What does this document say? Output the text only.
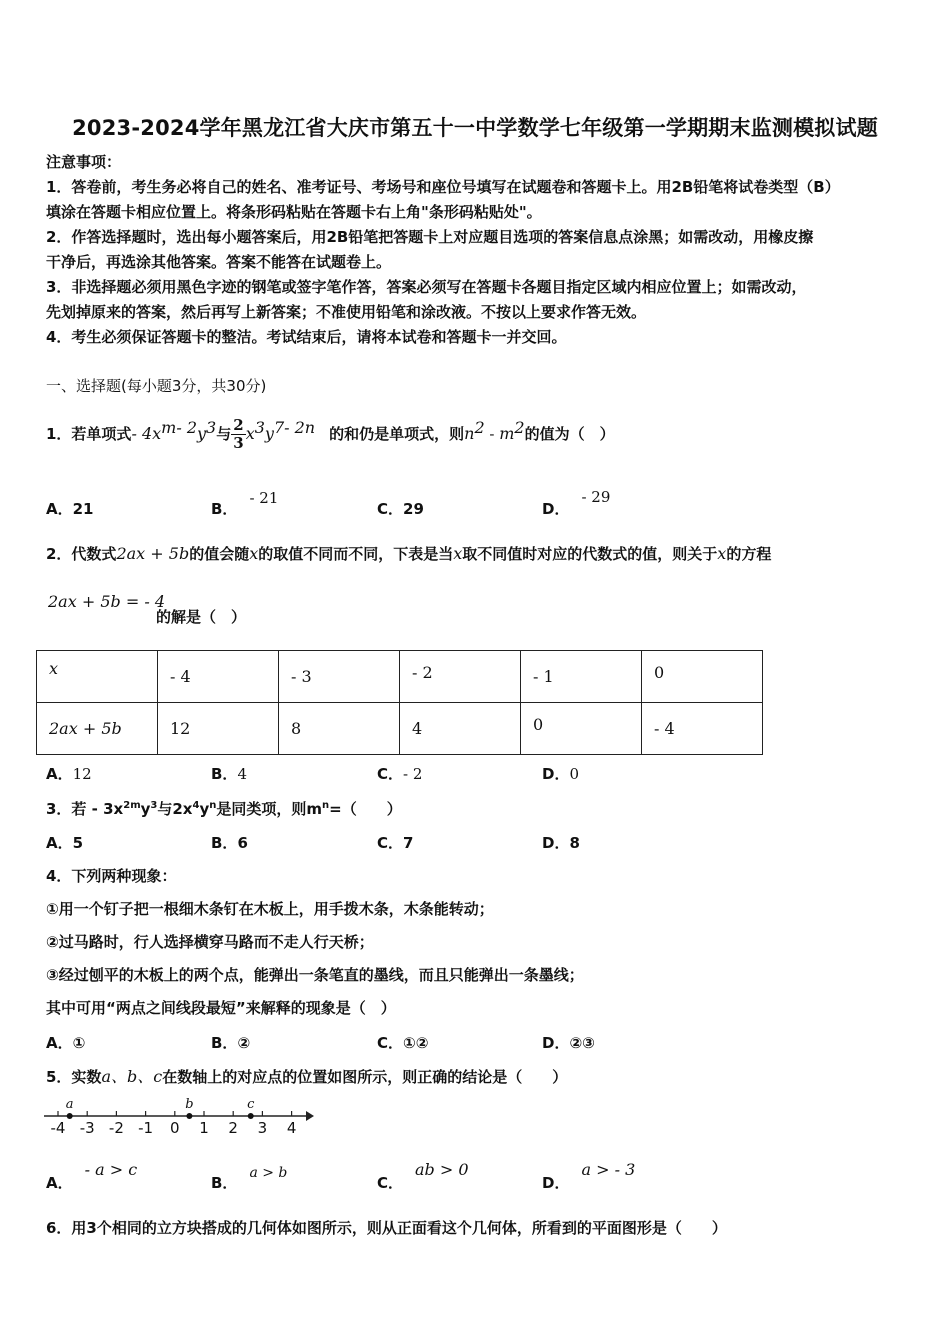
2023-2024学年黑龙江省大庆市第五十一中学数学七年级第一学期期末监测模拟试题
注意事项：
1．答卷前，考生务必将自己的姓名、准考证号、考场号和座位号填写在试题卷和答题卡上。用2B铅笔将试卷类型（B）
填涂在答题卡相应位置上。将条形码粘贴在答题卡右上角"条形码粘贴处"。
2．作答选择题时，选出每小题答案后，用2B铅笔把答题卡上对应题目选项的答案信息点涂黑；如需改动，用橡皮擦
干净后，再选涂其他答案。答案不能答在试题卷上。
3．非选择题必须用黑色字迹的钢笔或签字笔作答，答案必须写在答题卡各题目指定区域内相应位置上；如需改动，
先划掉原来的答案，然后再写上新答案；不准使用铅笔和涂改液。不按以上要求作答无效。
4．考生必须保证答题卡的整洁。考试结束后，请将本试卷和答题卡一并交回。
一、选择题(每小题3分，共30分)
1．若单项式- $4x^{m- 2}y^3$与 $\frac{2}{3} x^3y^{7- 2n}$ 的和仍是单项式，则$n^2 - m^2$的值为（　）
A．21	B．- 21
C．29	D．- 29
2．代数式2ax + 5b的值会随x的取值不同而不同，下表是当x取不同值时对应的代数式的值，则关于x的方程
2ax + 5b = - 4
的解是（　）
x	- 4	- 3	- 2	- 1	0
2ax + 5b	12	8	4	0	- 4
A．12	B．4	C．- 2	D．0
3．若 - $3x^{2m}y^3$与$2x^4y^n$是同类项，则$m^n=$（　　）
A．5	B．6	C．7	D．8
4．下列两种现象：
①用一个钉子把一根细木条钉在木板上，用手拨木条，木条能转动；
②过马路时，行人选择横穿马路而不走人行天桥；
③经过刨平的木板上的两个点，能弹出一条笔直的墨线，而且只能弹出一条墨线；
其中可用“两点之间线段最短”来解释的现象是（　）
A．①	B．②	C．①②	D．②③
5．实数a、b、c在数轴上的对应点的位置如图所示，则正确的结论是（　　）
-4 -3 -2 -1 0 1 2 3 4
a	b	c
A．- a > c
B．a > b
C．ab > 0
D．a > - 3
6．用3个相同的立方块搭成的几何体如图所示，则从正面看这个几何体，所看到的平面图形是（　　）
